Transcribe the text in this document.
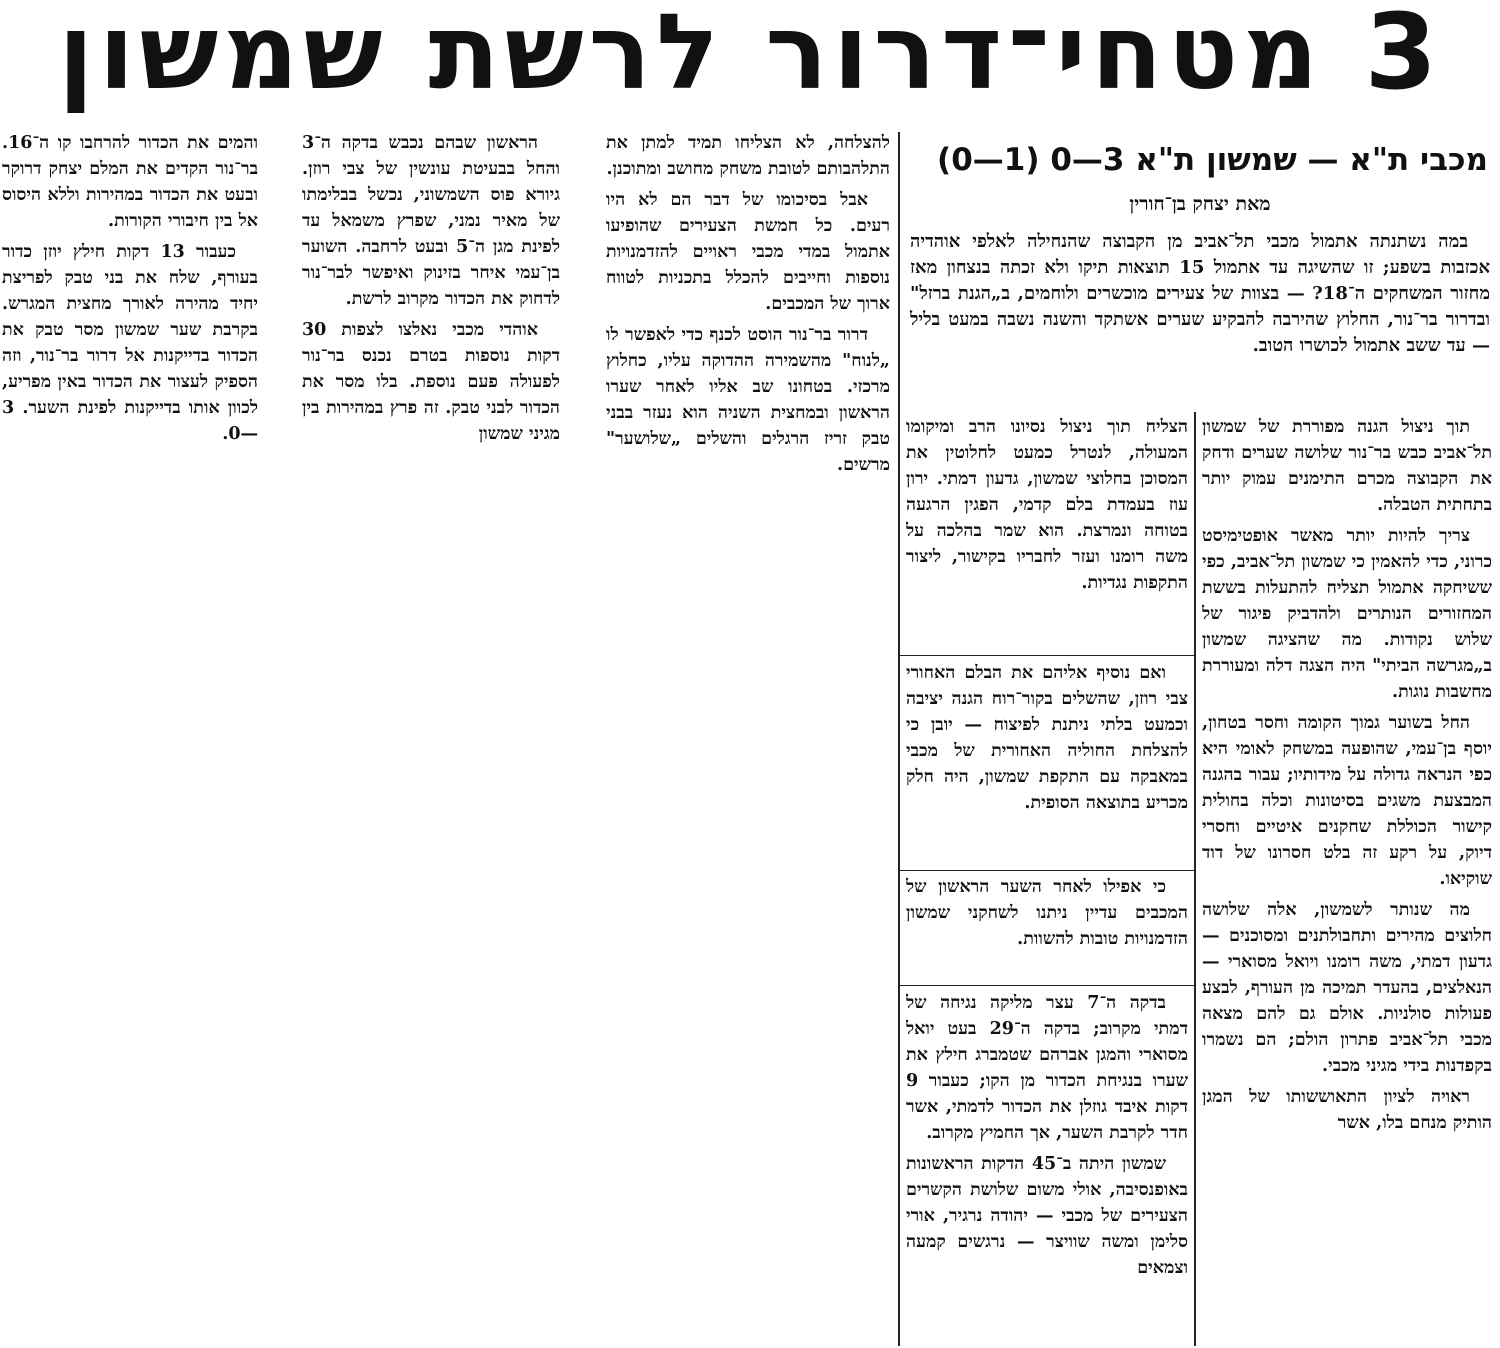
3 מטחי־דרור לרשת שמשון
מכבי ת"א — שמשון ת"א 3—0 (1—0)
מאת יצחק בן־חורין

במה נשתנתה אתמול מכבי תל־אביב מן הקבוצה שהנחילה לאלפי אוהדיה אכזבות בשפע; זו שהשיגה עד אתמול 15 תוצאות תיקו ולא זכתה בנצחון מאז מחזור המשחקים ה־18? — בצוות של צעירים מוכשרים ולוחמים, ב„הגנת ברזל" ובדרור בר־נור, החלוץ שהירבה להבקיע שערים אשתקד והשנה נשבה במעט בליל — עד ששב אתמול לכושרו הטוב.

תוך ניצול הגנה מפוררת של שמשון תל־אביב כבש בר־נור שלושה שערים ודחק את הקבוצה מכרם התימנים עמוק יותר בתחתית הטבלה.

צריך להיות יותר מאשר אופטימיסט כרוני, כדי להאמין כי שמשון תל־אביב, כפי ששיחקה אתמול תצליח להתעלות בששת המחזורים הנותרים ולהדביק פיגור של שלוש נקודות. מה שהציגה שמשון ב„מגרשה הביתי" היה הצגה דלה ומעוררת מחשבות נוגות.

החל בשוער גמוך הקומה וחסר בטחון, יוסף בן־עמי, שהופעה במשחק לאומי היא כפי הנראה גדולה על מידותיו; עבור בהגנה המבצעת משגים בסיטונות וכלה בחולית קישור הכוללת שחקנים איטיים וחסרי דיוק, על רקע זה בלט חסרונו של דוד שוקיאו.

מה שנותר לשמשון, אלה שלושה חלוצים מהירים ותחבולתנים ומסוכנים — גדעון דמתי, משה רומנו ויואל מסוארי — הנאלצים, בהעדר תמיכה מן העורף, לבצע פעולות סולניות. אולם גם להם מצאה מכבי תל־אביב פתרון הולם; הם נשמרו בקפדנות בידי מגיני מכבי.

ראויה לציון התאוששותו של המגן הותיק מנחם בלו, אשר

הצליח תוך ניצול נסיונו הרב ומיקומו המעולה, לנטרל כמעט לחלוטין את המסוכן בחלוצי שמשון, גדעון דמתי. ירון עוז בעמדת בלם קדמי, הפגין הרגעה בטוחה ונמרצת. הוא שמר בהלכה על משה רומנו ועזר לחבריו בקישור, ליצור התקפות נגדיות.

ואם נוסיף אליהם את הבלם האחורי צבי רוזן, שהשלים בקור־רוח הגנה יציבה וכמעט בלתי ניתנת לפיצוח — יובן כי להצלחת החוליה האחורית של מכבי במאבקה עם התקפת שמשון, היה חלק מכריע בתוצאה הסופית.

כי אפילו לאחר השער הראשון של המכבים עדיין ניתנו לשחקני שמשון הזדמנויות טובות להשוות.

בדקה ה־7 עצר מליקה נגיחה של דמתי מקרוב; בדקה ה־29 בעט יואל מסוארי והמגן אברהם שטמברג חילץ את שערו בנגיחת הכדור מן הקו; כעבור 9 דקות איבד גוזלן את הכדור לדמתי, אשר חדר לקרבת השער, אך החמיץ מקרוב.

שמשון היתה ב־45 הדקות הראשונות באופנסיבה, אולי משום שלושת הקשרים הצעירים של מכבי — יהודה נרגיר, אורי סלימן ומשה שוויצר — נרגשים קמעה וצמאים

להצלחה, לא הצליחו תמיד למתן את התלהבותם לטובת משחק מחושב ומתוכנן.

אבל בסיכומו של דבר הם לא היו רעים. כל חמשת הצעירים שהופיעו אתמול במדי מכבי ראויים להזדמנויות נוספות וחייבים להכלל בתכניות לטווח ארוך של המכבים.

דרור בר־נור הוסט לכנף כדי לאפשר לו „לנוח" מהשמירה ההדוקה עליו, כחלוץ מרכזי. בטחונו שב אליו לאחר שערו הראשון ובמחצית השניה הוא נעזר בבני טבק זריז הרגלים והשלים „שלושער" מרשים.

הראשון שבהם נכבש בדקה ה־3 והחל בבעיטת עונשין של צבי רוזן. גיורא פוס השמשוני, נכשל בבלימתו של מאיר נמני, שפרץ משמאל עד לפינת מגן ה־5 ובעט לרחבה. השוער בן־עמי איחר בזינוק ואיפשר לבר־נור לדחוק את הכדור מקרוב לרשת.

אוהדי מכבי נאלצו לצפות 30 דקות נוספות בטרם נכנס בר־נור לפעולה פעם נוספת. בלו מסר את הכדור לבני טבק. זה פרץ במהירות בין מגיני שמשון

והמים את הכדור להרחבו קו ה־16. בר־נור הקדים את המלם יצחק דרוקר ובעט את הכדור במהירות וללא היסוס אל בין חיבורי הקורות.

כעבור 13 דקות חילץ יוזן כדור בעורף, שלח את בני טבק לפריצת יחיד מהירה לאורך מחצית המגרש. בקרבת שער שמשון מסר טבק את הכדור בדייקנות אל דרור בר־נור, וזה הספיק לעצור את הכדור באין מפריע, לכוון אותו בדייקנות לפינת השער. 3—0.
